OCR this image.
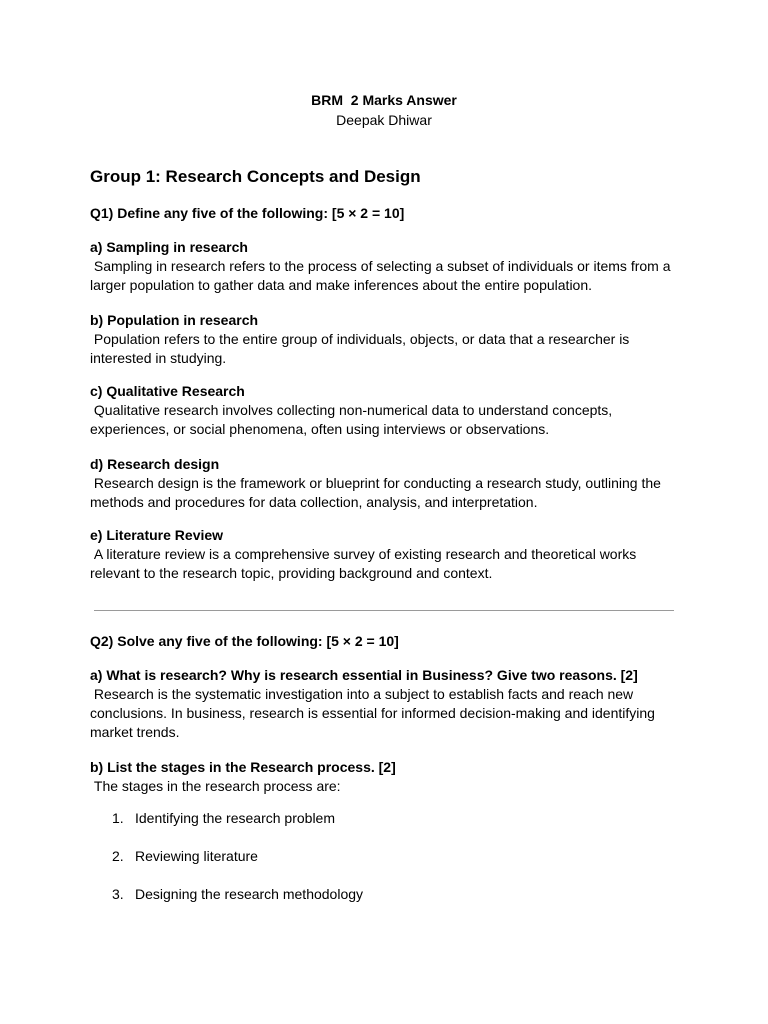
BRM  2 Marks Answer
Deepak Dhiwar
Group 1: Research Concepts and Design
Q1) Define any five of the following: [5 × 2 = 10]
a) Sampling in research
Sampling in research refers to the process of selecting a subset of individuals or items from a larger population to gather data and make inferences about the entire population.
b) Population in research
Population refers to the entire group of individuals, objects, or data that a researcher is interested in studying.
c) Qualitative Research
Qualitative research involves collecting non-numerical data to understand concepts, experiences, or social phenomena, often using interviews or observations.
d) Research design
Research design is the framework or blueprint for conducting a research study, outlining the methods and procedures for data collection, analysis, and interpretation.
e) Literature Review
A literature review is a comprehensive survey of existing research and theoretical works relevant to the research topic, providing background and context.
Q2) Solve any five of the following: [5 × 2 = 10]
a) What is research? Why is research essential in Business? Give two reasons. [2]
Research is the systematic investigation into a subject to establish facts and reach new conclusions. In business, research is essential for informed decision-making and identifying market trends.
b) List the stages in the Research process. [2]
The stages in the research process are:
1. Identifying the research problem
2. Reviewing literature
3. Designing the research methodology
